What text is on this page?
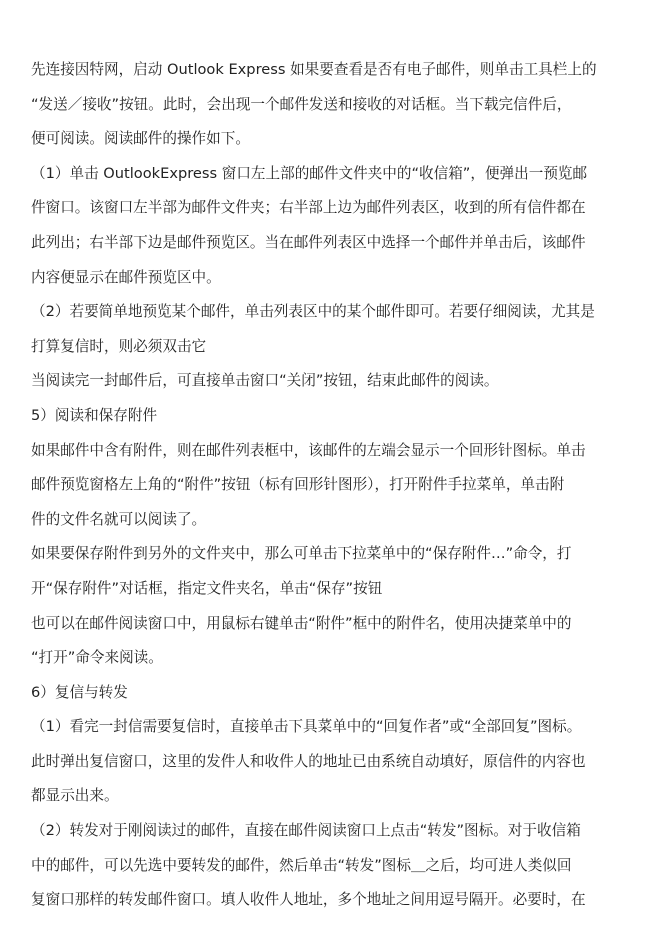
先连接因特网，启动 Outlook Express 如果要查看是否有电子邮件，则单击工具栏上的
“发送／接收”按钮。此时，会出现一个邮件发送和接收的对话框。当下载完信件后，
便可阅读。阅读邮件的操作如下。
（1）单击 OutlookExpress 窗口左上部的邮件文件夹中的“收信箱”，便弹出一预览邮
件窗口。该窗口左半部为邮件文件夹；右半部上边为邮件列表区，收到的所有信件都在
此列出；右半部下边是邮件预览区。当在邮件列表区中选择一个邮件并单击后，该邮件
内容便显示在邮件预览区中。
（2）若要简单地预览某个邮件，单击列表区中的某个邮件即可。若要仔细阅读，尤其是
打算复信时，则必须双击它
当阅读完一封邮件后，可直接单击窗口“关闭”按钮，结束此邮件的阅读。
5）阅读和保存附件
如果邮件中含有附件，则在邮件列表框中，该邮件的左端会显示一个回形针图标。单击
邮件预览窗格左上角的“附件”按钮（标有回形针图形），打开附件手拉菜单，单击附
件的文件名就可以阅读了。
如果要保存附件到另外的文件夹中，那么可单击下拉菜单中的“保存附件…”命令，打
开“保存附件”对话框，指定文件夹名，单击“保存”按钮
也可以在邮件阅读窗口中，用鼠标右键单击“附件”框中的附件名，使用决捷菜单中的
“打开”命令来阅读。
6）复信与转发
（1）看完一封信需要复信时，直接单击下具菜单中的“回复作者”或“全部回复”图标。
此时弹出复信窗口，这里的发件人和收件人的地址已由系统自动填好，原信件的内容也
都显示出来。
（2）转发对于刚阅读过的邮件，直接在邮件阅读窗口上点击“转发”图标。对于收信箱
中的邮件，可以先选中要转发的邮件，然后单击“转发”图标＿之后，均可进人类似回
复窗口那样的转发邮件窗口。填人收件人地址，多个地址之间用逗号隔开。必要时，在
